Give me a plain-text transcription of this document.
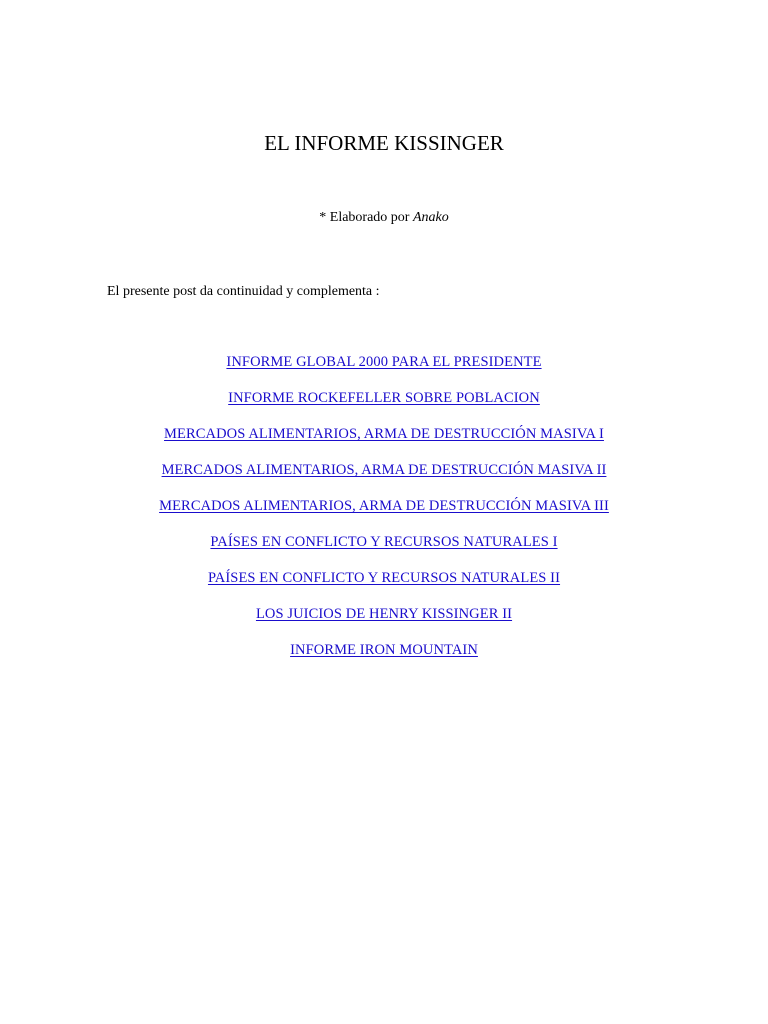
EL INFORME KISSINGER
* Elaborado por Anako
El presente post da continuidad y complementa :
INFORME GLOBAL 2000 PARA EL PRESIDENTE
INFORME ROCKEFELLER SOBRE POBLACION
MERCADOS ALIMENTARIOS, ARMA DE DESTRUCCIÓN MASIVA I
MERCADOS ALIMENTARIOS, ARMA DE DESTRUCCIÓN MASIVA II
MERCADOS ALIMENTARIOS, ARMA DE DESTRUCCIÓN MASIVA III
PAÍSES EN CONFLICTO Y RECURSOS NATURALES I
PAÍSES EN CONFLICTO Y RECURSOS NATURALES II
LOS JUICIOS DE HENRY KISSINGER II
INFORME IRON MOUNTAIN
